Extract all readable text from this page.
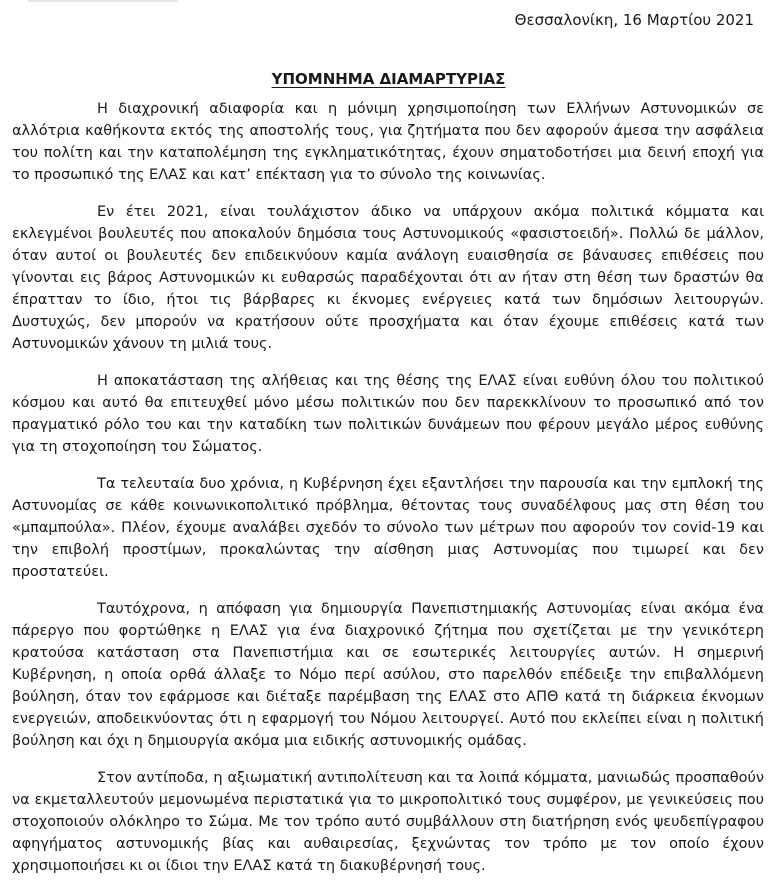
Θεσσαλονίκη, 16 Μαρτίου 2021
ΥΠΟΜΝΗΜΑ ΔΙΑΜΑΡΤΥΡΙΑΣ

Η διαχρονική αδιαφορία και η μόνιμη χρησιμοποίηση των Ελλήνων Αστυνομικών σε αλλότρια καθήκοντα εκτός της αποστολής τους, για ζητήματα που δεν αφορούν άμεσα την ασφάλεια του πολίτη και την καταπολέμηση της εγκληματικότητας, έχουν σηματοδοτήσει μια δεινή εποχή για το προσωπικό της ΕΛΑΣ και κατ’ επέκταση για το σύνολο της κοινωνίας.

Εν έτει 2021, είναι τουλάχιστον άδικο να υπάρχουν ακόμα πολιτικά κόμματα και εκλεγμένοι βουλευτές που αποκαλούν δημόσια τους Αστυνομικούς «φασιστοειδή». Πολλώ δε μάλλον, όταν αυτοί οι βουλευτές δεν επιδεικνύουν καμία ανάλογη ευαισθησία σε βάναυσες επιθέσεις που γίνονται εις βάρος Αστυνομικών κι ευθαρσώς παραδέχονται ότι αν ήταν στη θέση των δραστών θα έπρατταν το ίδιο, ήτοι τις βάρβαρες κι έκνομες ενέργειες κατά των δημόσιων λειτουργών. Δυστυχώς, δεν μπορούν να κρατήσουν ούτε προσχήματα και όταν έχουμε επιθέσεις κατά των Αστυνομικών χάνουν τη μιλιά τους.

Η αποκατάσταση της αλήθειας και της θέσης της ΕΛΑΣ είναι ευθύνη όλου του πολιτικού κόσμου και αυτό θα επιτευχθεί μόνο μέσω πολιτικών που δεν παρεκκλίνουν το προσωπικό από τον πραγματικό ρόλο του και την καταδίκη των πολιτικών δυνάμεων που φέρουν μεγάλο μέρος ευθύνης για τη στοχοποίηση του Σώματος.

Τα τελευταία δυο χρόνια, η Κυβέρνηση έχει εξαντλήσει την παρουσία και την εμπλοκή της Αστυνομίας σε κάθε κοινωνικοπολιτικό πρόβλημα, θέτοντας τους συναδέλφους μας στη θέση του «μπαμπούλα». Πλέον, έχουμε αναλάβει σχεδόν το σύνολο των μέτρων που αφορούν τον covid-19 και την επιβολή προστίμων, προκαλώντας την αίσθηση μιας Αστυνομίας που τιμωρεί και δεν προστατεύει.

Ταυτόχρονα, η απόφαση για δημιουργία Πανεπιστημιακής Αστυνομίας είναι ακόμα ένα πάρεργο που φορτώθηκε η ΕΛΑΣ για ένα διαχρονικό ζήτημα που σχετίζεται με την γενικότερη κρατούσα κατάσταση στα Πανεπιστήμια και σε εσωτερικές λειτουργίες αυτών. Η σημερινή Κυβέρνηση, η οποία ορθά άλλαξε το Νόμο περί ασύλου, στο παρελθόν επέδειξε την επιβαλλόμενη βούληση, όταν τον εφάρμοσε και διέταξε παρέμβαση της ΕΛΑΣ στο ΑΠΘ κατά τη διάρκεια έκνομων ενεργειών, αποδεικνύοντας ότι η εφαρμογή του Νόμου λειτουργεί. Αυτό που εκλείπει είναι η πολιτική βούληση και όχι η δημιουργία ακόμα μια ειδικής αστυνομικής ομάδας.

Στον αντίποδα, η αξιωματική αντιπολίτευση και τα λοιπά κόμματα, μανιωδώς προσπαθούν να εκμεταλλευτούν μεμονωμένα περιστατικά για το μικροπολιτικό τους συμφέρον, με γενικεύσεις που στοχοποιούν ολόκληρο το Σώμα. Με τον τρόπο αυτό συμβάλλουν στη διατήρηση ενός ψευδεπίγραφου αφηγήματος αστυνομικής βίας και αυθαιρεσίας, ξεχνώντας τον τρόπο με τον οποίο έχουν χρησιμοποιήσει κι οι ίδιοι την ΕΛΑΣ κατά τη διακυβέρνησή τους.
